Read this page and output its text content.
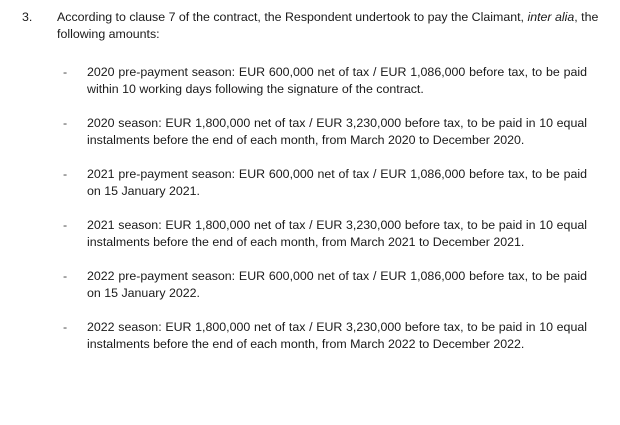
3. According to clause 7 of the contract, the Respondent undertook to pay the Claimant, inter alia, the following amounts:
- 2020 pre-payment season: EUR 600,000 net of tax / EUR 1,086,000 before tax, to be paid within 10 working days following the signature of the contract.
- 2020 season: EUR 1,800,000 net of tax / EUR 3,230,000 before tax, to be paid in 10 equal instalments before the end of each month, from March 2020 to December 2020.
- 2021 pre-payment season: EUR 600,000 net of tax / EUR 1,086,000 before tax, to be paid on 15 January 2021.
- 2021 season: EUR 1,800,000 net of tax / EUR 3,230,000 before tax, to be paid in 10 equal instalments before the end of each month, from March 2021 to December 2021.
- 2022 pre-payment season: EUR 600,000 net of tax / EUR 1,086,000 before tax, to be paid on 15 January 2022.
- 2022 season: EUR 1,800,000 net of tax / EUR 3,230,000 before tax, to be paid in 10 equal instalments before the end of each month, from March 2022 to December 2022.
